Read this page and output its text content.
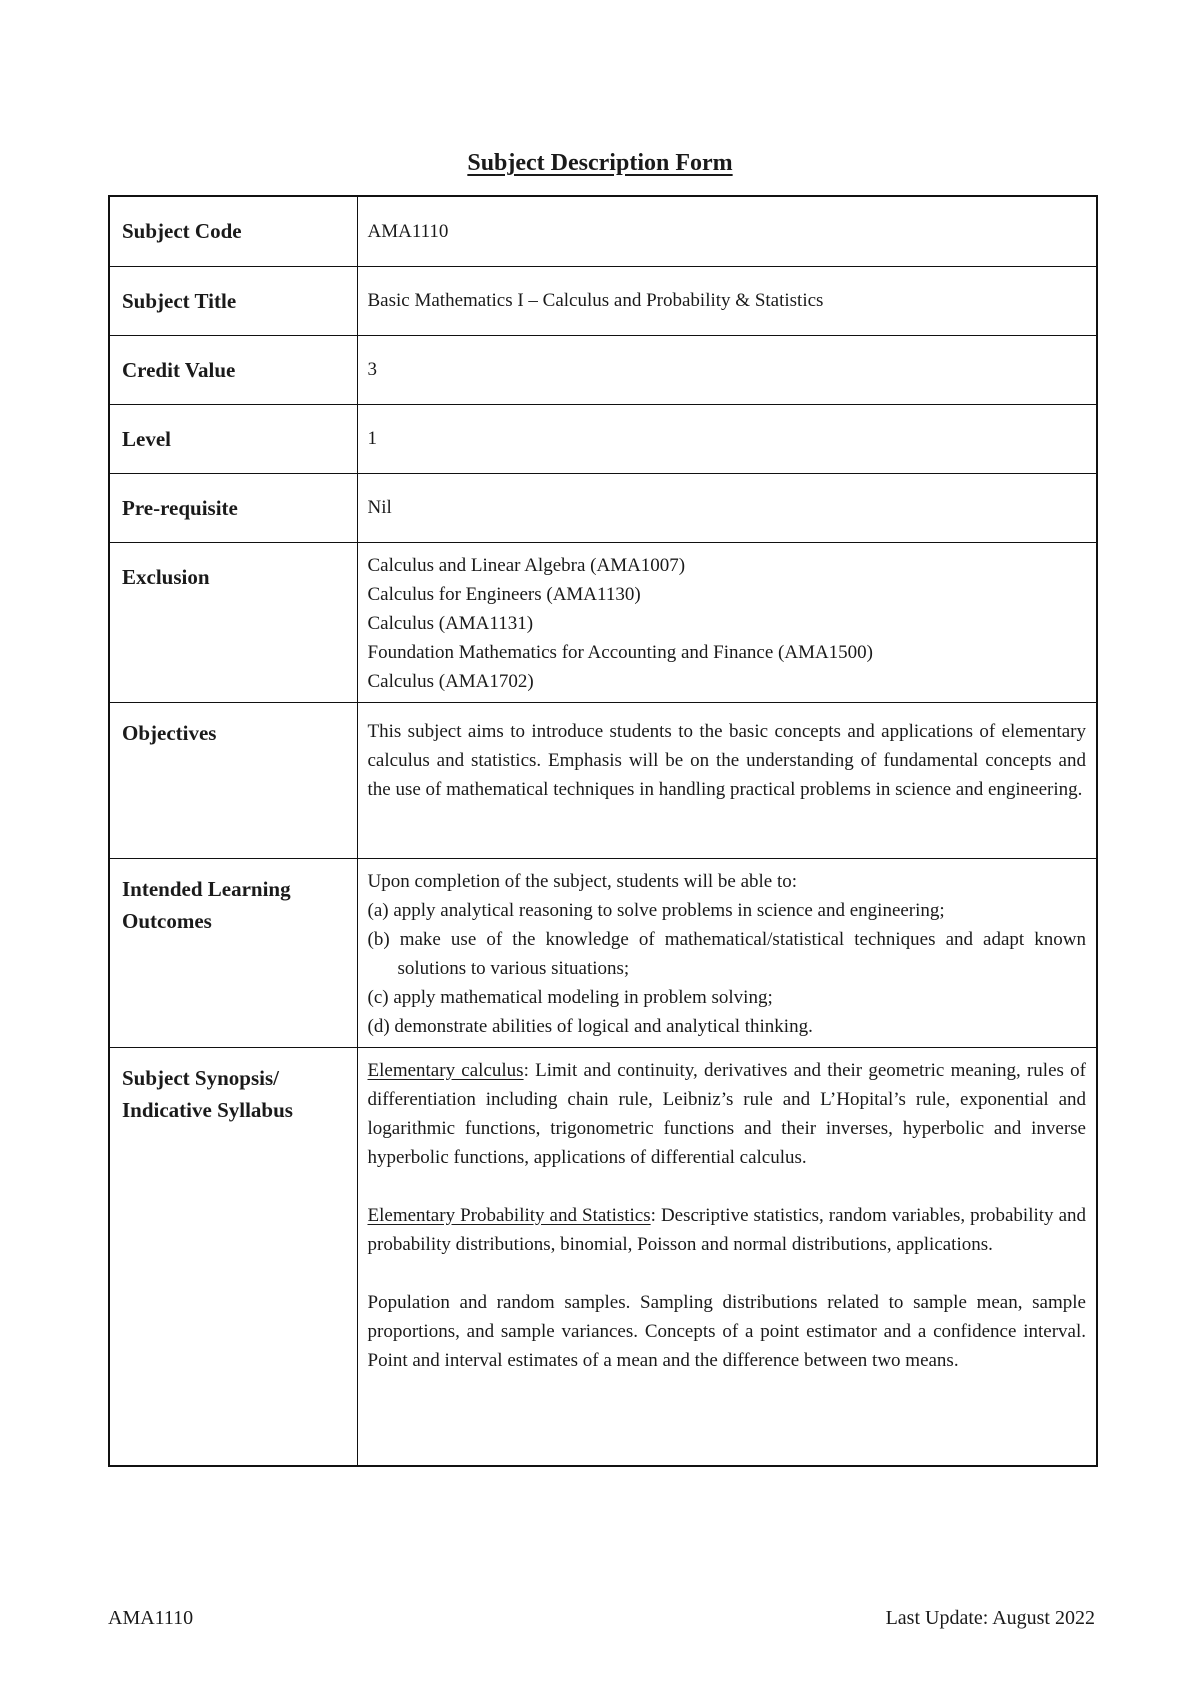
Subject Description Form
Subject Code	AMA1110
Subject Title	Basic Mathematics I – Calculus and Probability & Statistics
Credit Value	3
Level	1
Pre-requisite	Nil
Exclusion	Calculus and Linear Algebra (AMA1007)
Calculus for Engineers (AMA1130)
Calculus (AMA1131)
Foundation Mathematics for Accounting and Finance (AMA1500)
Calculus (AMA1702)

Objectives	This subject aims to introduce students to the basic concepts and applications of elementary calculus and statistics. Emphasis will be on the understanding of fundamental concepts and the use of mathematical techniques in handling practical problems in science and engineering.

Intended Learning
Outcomes	Upon completion of the subject, students will be able to:
(a) apply analytical reasoning to solve problems in science and engineering;
(b) make use of the knowledge of mathematical/statistical techniques and adapt known solutions to various situations;
(c) apply mathematical modeling in problem solving;
(d) demonstrate abilities of logical and analytical thinking.

Subject Synopsis/
Indicative Syllabus	Elementary calculus: Limit and continuity, derivatives and their geometric meaning, rules of differentiation including chain rule, Leibniz’s rule and L’Hopital’s rule, exponential and logarithmic functions, trigonometric functions and their inverses, hyperbolic and inverse hyperbolic functions, applications of differential calculus.
Elementary Probability and Statistics: Descriptive statistics, random variables, probability and probability distributions, binomial, Poisson and normal distributions, applications.
Population and random samples. Sampling distributions related to sample mean, sample proportions, and sample variances. Concepts of a point estimator and a confidence interval. Point and interval estimates of a mean and the difference between two means.
AMA1110	Last Update: August 2022
